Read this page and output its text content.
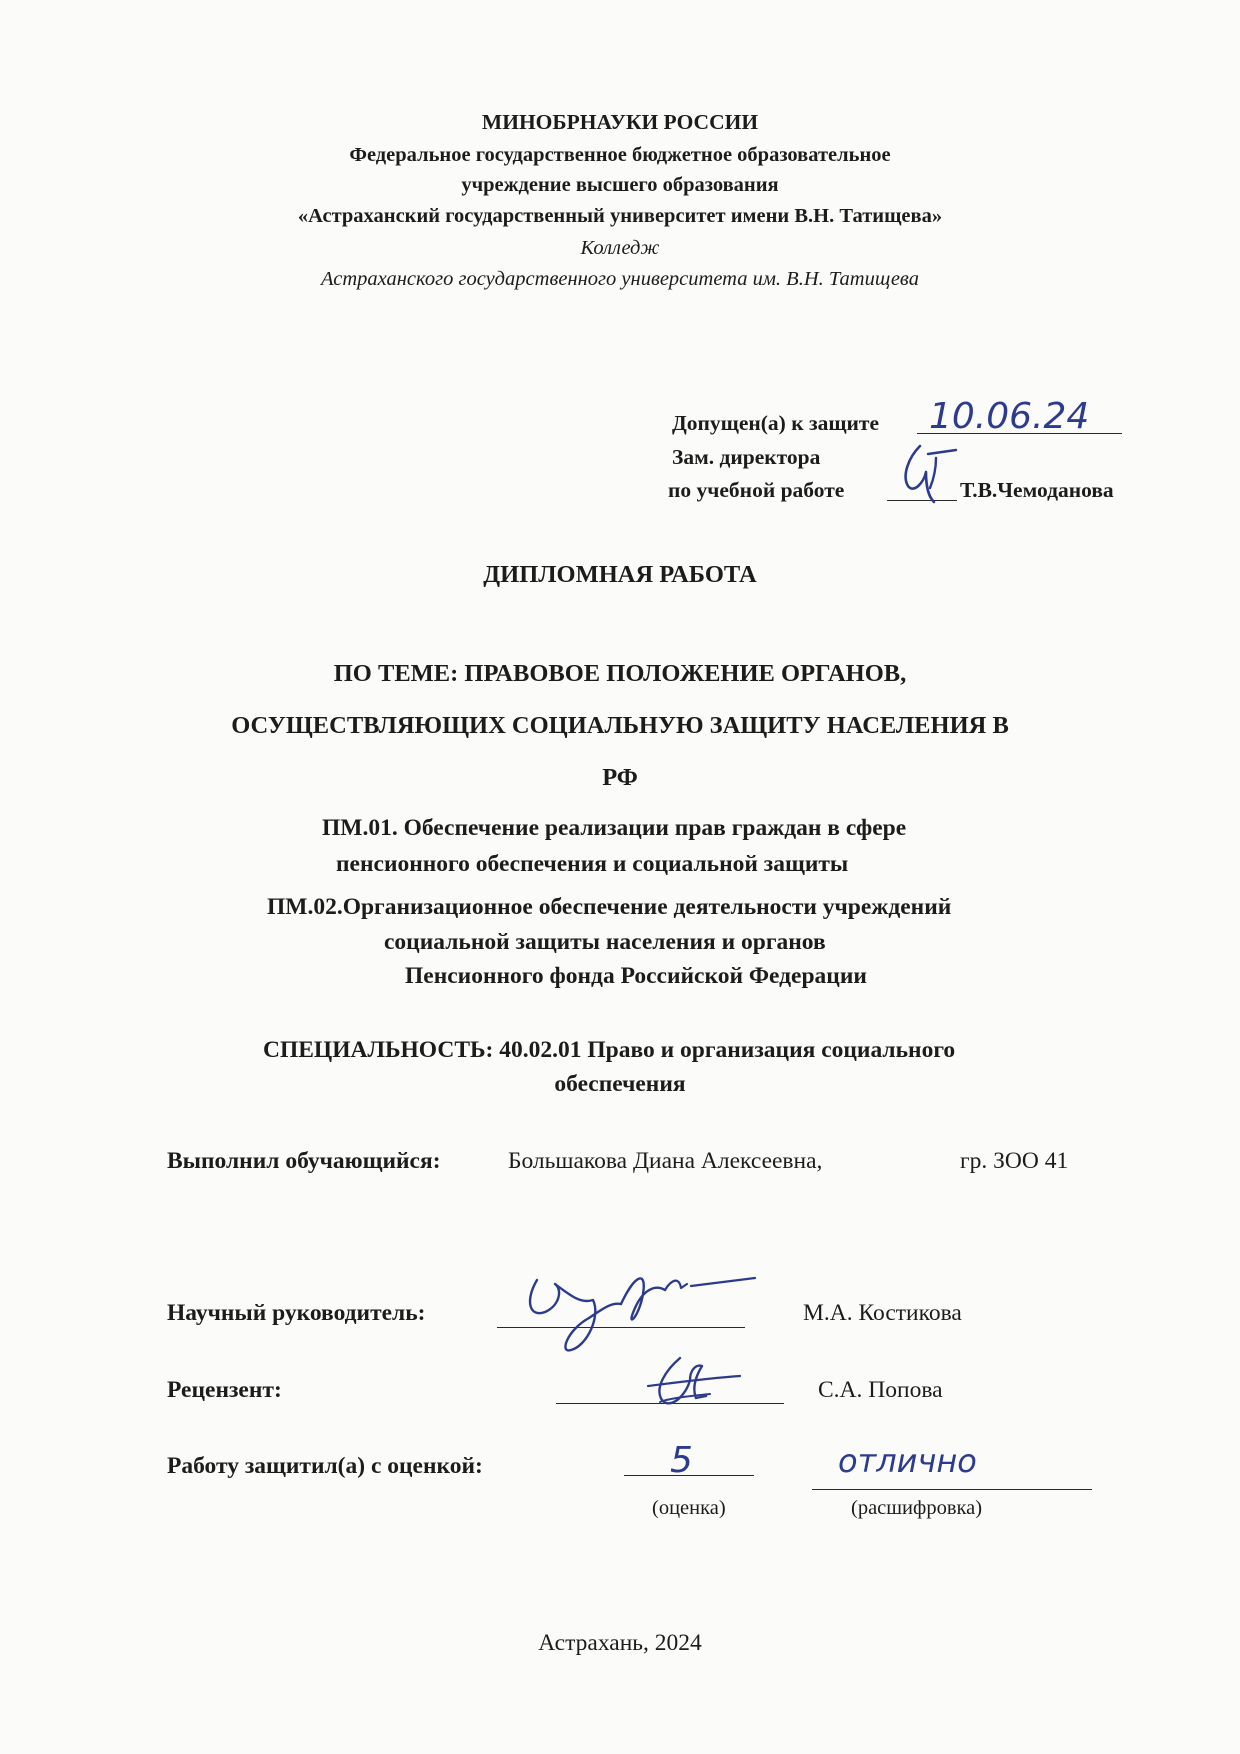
МИНОБРНАУКИ РОССИИ
Федеральное государственное бюджетное образовательное
учреждение высшего образования
«Астраханский государственный университет имени В.Н. Татищева»
Колледж
Астраханского государственного университета им. В.Н. Татищева
Допущен(а) к защите 10.06.24
Зам. директора
по учебной работе	Т.В.Чемоданова
ДИПЛОМНАЯ РАБОТА
ПО ТЕМЕ: ПРАВОВОЕ ПОЛОЖЕНИЕ ОРГАНОВ,
ОСУЩЕСТВЛЯЮЩИХ СОЦИАЛЬНУЮ ЗАЩИТУ НАСЕЛЕНИЯ В
РФ
ПМ.01. Обеспечение реализации прав граждан в сфере
пенсионного обеспечения и социальной защиты
ПМ.02.Организационное обеспечение деятельности учреждений
социальной защиты населения и органов
Пенсионного фонда Российской Федерации
СПЕЦИАЛЬНОСТЬ: 40.02.01 Право и организация социального
обеспечения
Выполнил обучающийся:	Большакова Диана Алексеевна,	гр. ЗОО 41
Научный руководитель:	М.А. Костикова
Рецензент:	С.А. Попова
Работу защитил(а) с оценкой:	5	отлично
(оценка)	(расшифровка)
Астрахань, 2024
